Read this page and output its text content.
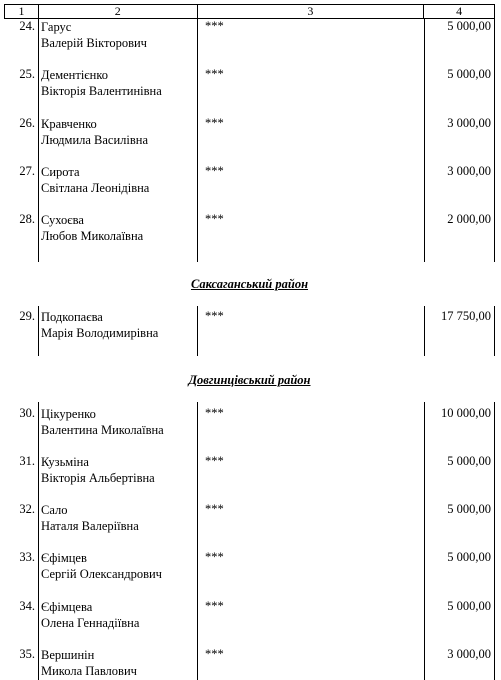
1	2	3	4
24. Гарус
Валерій Вікторович
***	5 000,00
25. Дементієнко
Вікторія Валентинівна
***	5 000,00
26. Кравченко
Людмила Василівна
***	3 000,00
27. Сирота
Світлана Леонідівна
***	3 000,00
28. Сухоєва
Любов Миколаївна
***	2 000,00
Саксаганський район
29. Подкопаєва
Марія Володимирівна
***	17 750,00
Довгинцівський район
30. Цікуренко
Валентина Миколаївна
***	10 000,00
31. Кузьміна
Вікторія Альбертівна
***	5 000,00
32. Сало
Наталя Валеріївна
***	5 000,00
33. Єфімцев
Сергій Олександрович
***	5 000,00
34. Єфімцева
Олена Геннадіївна
***	5 000,00
35. Вершинін
Микола Павлович
***	3 000,00
